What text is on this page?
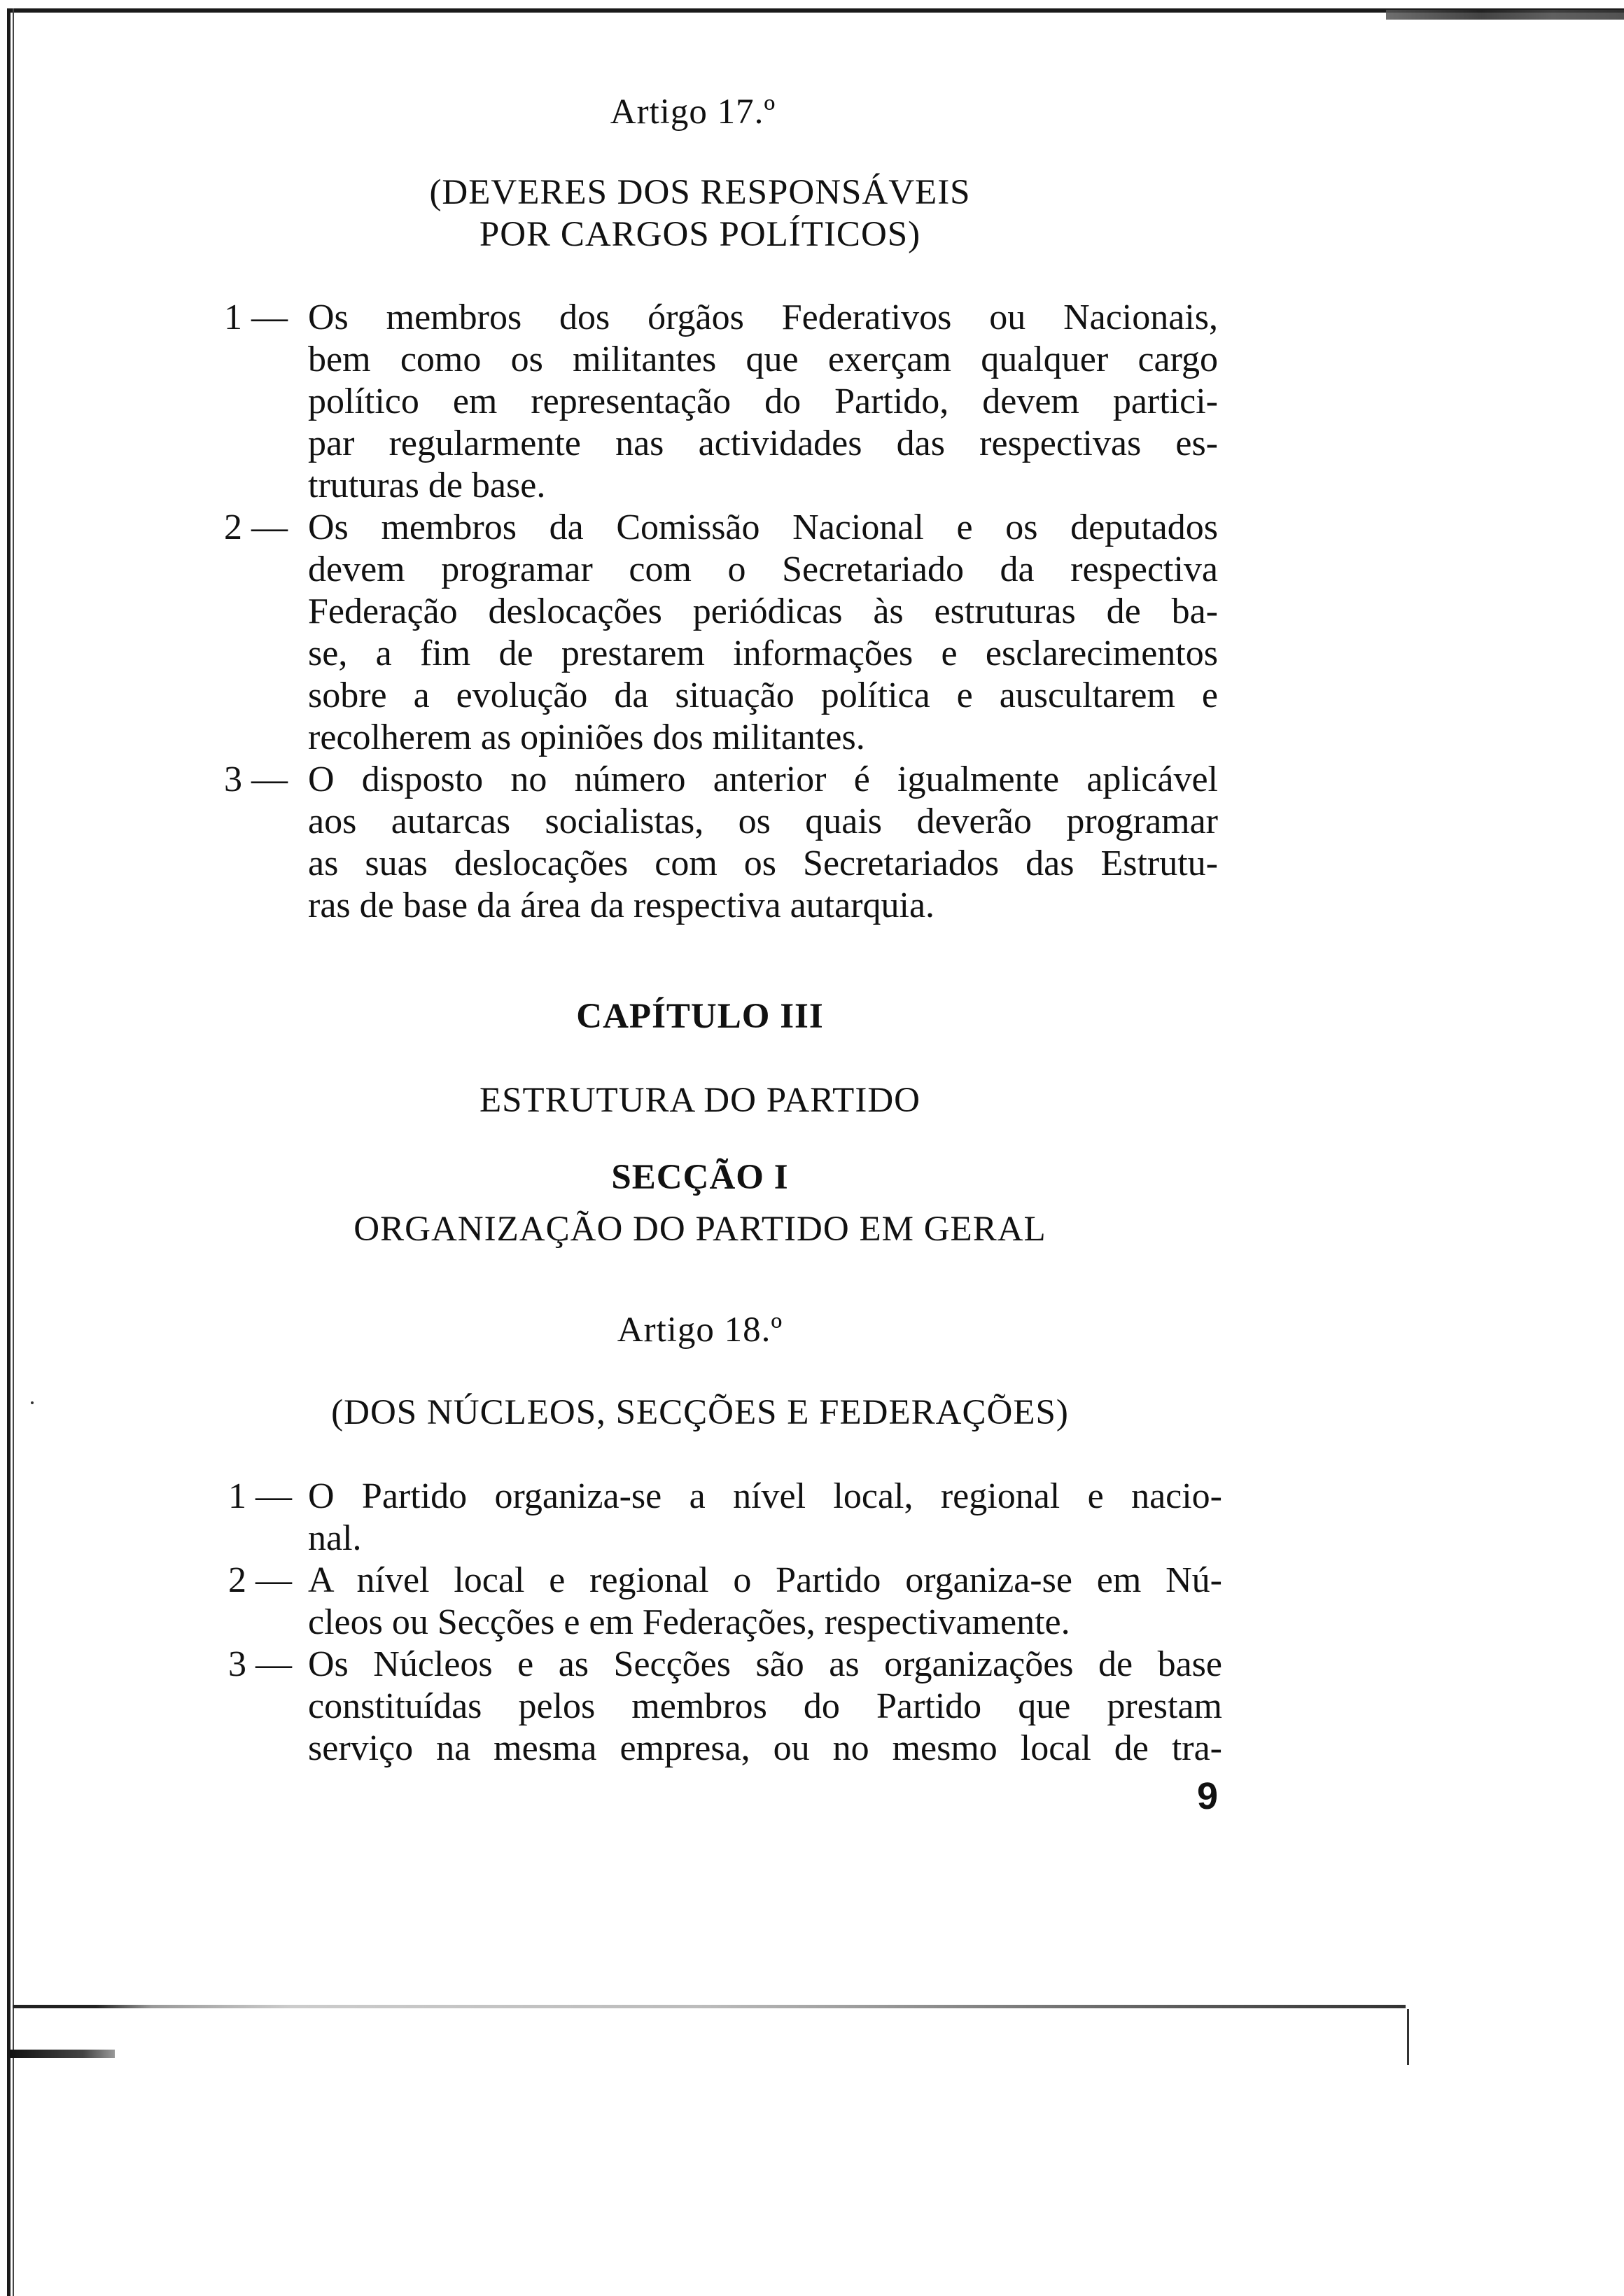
Artigo 17.º
(DEVERES DOS RESPONSÁVEIS
POR CARGOS POLÍTICOS)
1 — Os membros dos órgãos Federativos ou Nacionais,
bem como os militantes que exerçam qualquer cargo
político em representação do Partido, devem partici-
par regularmente nas actividades das respectivas es-
truturas de base.
2 — Os membros da Comissão Nacional e os deputados
devem programar com o Secretariado da respectiva
Federação deslocações periódicas às estruturas de ba-
se, a fim de prestarem informações e esclarecimentos
sobre a evolução da situação política e auscultarem e
recolherem as opiniões dos militantes.
3 — O disposto no número anterior é igualmente aplicável
aos autarcas socialistas, os quais deverão programar
as suas deslocações com os Secretariados das Estrutu-
ras de base da área da respectiva autarquia.
CAPÍTULO III
ESTRUTURA DO PARTIDO
SECÇÃO I
ORGANIZAÇÃO DO PARTIDO EM GERAL
Artigo 18.º
(DOS NÚCLEOS, SECÇÕES E FEDERAÇÕES)
1 — O Partido organiza-se a nível local, regional e nacio-
nal.
2 — A nível local e regional o Partido organiza-se em Nú-
cleos ou Secções e em Federações, respectivamente.
3 — Os Núcleos e as Secções são as organizações de base
constituídas pelos membros do Partido que prestam
serviço na mesma empresa, ou no mesmo local de tra-
9
